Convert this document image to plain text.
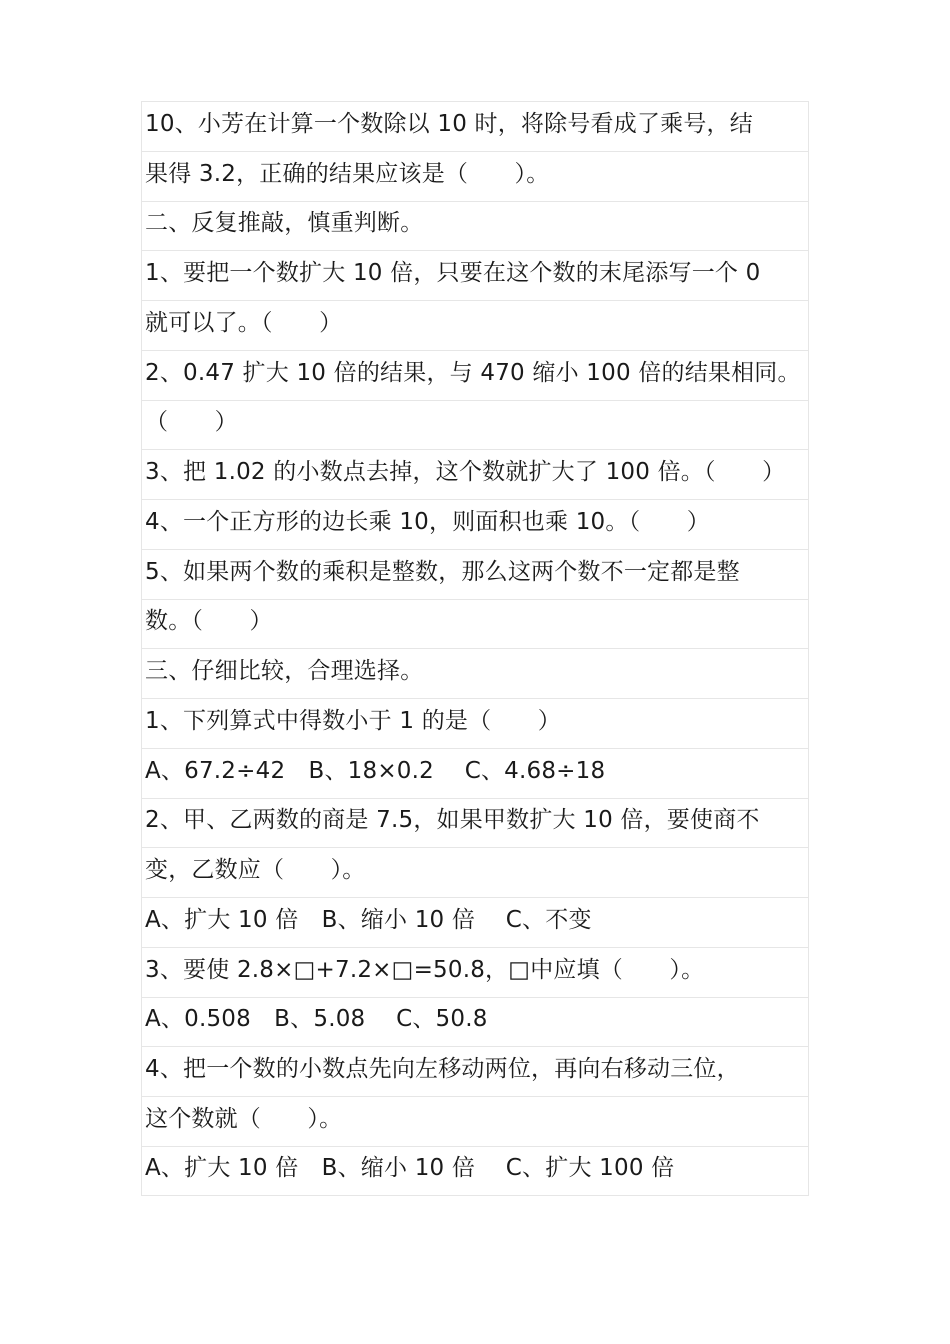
10、小芳在计算一个数除以 10 时，将除号看成了乘号，结
果得 3.2，正确的结果应该是（　　）。
二、反复推敲，慎重判断。
1、要把一个数扩大 10 倍，只要在这个数的末尾添写一个 0
就可以了。（　　）
2、0.47 扩大 10 倍的结果，与 470 缩小 100 倍的结果相同。
（　　）
3、把 1.02 的小数点去掉，这个数就扩大了 100 倍。（　　）
4、一个正方形的边长乘 10，则面积也乘 10。（　　）
5、如果两个数的乘积是整数，那么这两个数不一定都是整
数。（　　）
三、仔细比较，合理选择。
1、下列算式中得数小于 1 的是（　　）
A、67.2÷42　B、18×0.2　 C、4.68÷18
2、甲、乙两数的商是 7.5，如果甲数扩大 10 倍，要使商不
变，乙数应（　　）。
A、扩大 10 倍　B、缩小 10 倍　 C、不变
3、要使 2.8×□+7.2×□=50.8，□中应填（　　）。
A、0.508　B、5.08　 C、50.8
4、把一个数的小数点先向左移动两位，再向右移动三位，
这个数就（　　）。
A、扩大 10 倍　B、缩小 10 倍　 C、扩大 100 倍
